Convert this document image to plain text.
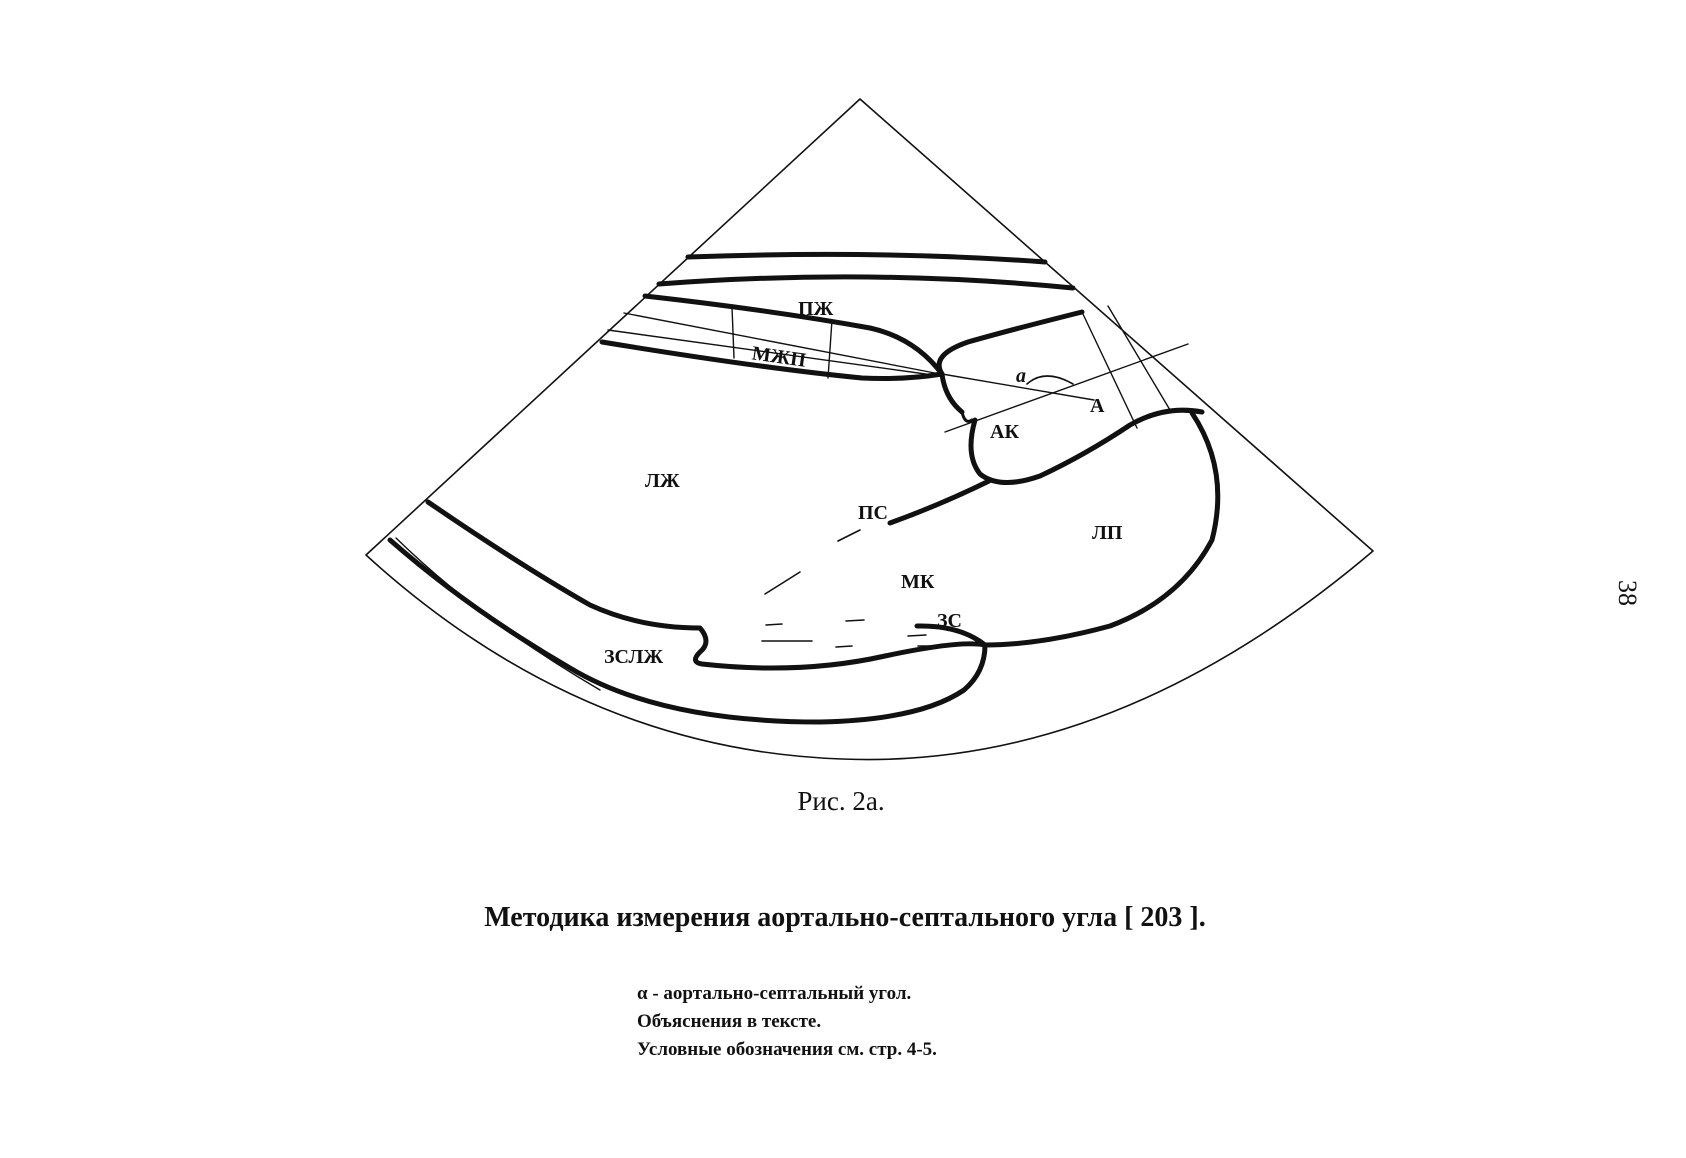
ПЖ
МЖП
ЛЖ
a
А
АК
ПС
ЛП
МК
ЗС
ЗСЛЖ
Рис. 2а.
Методика измерения аортально-септального угла [ 203 ].
α - аортально-септальный угол.
Объяснения в тексте.
Условные обозначения см. стр. 4-5.
38
